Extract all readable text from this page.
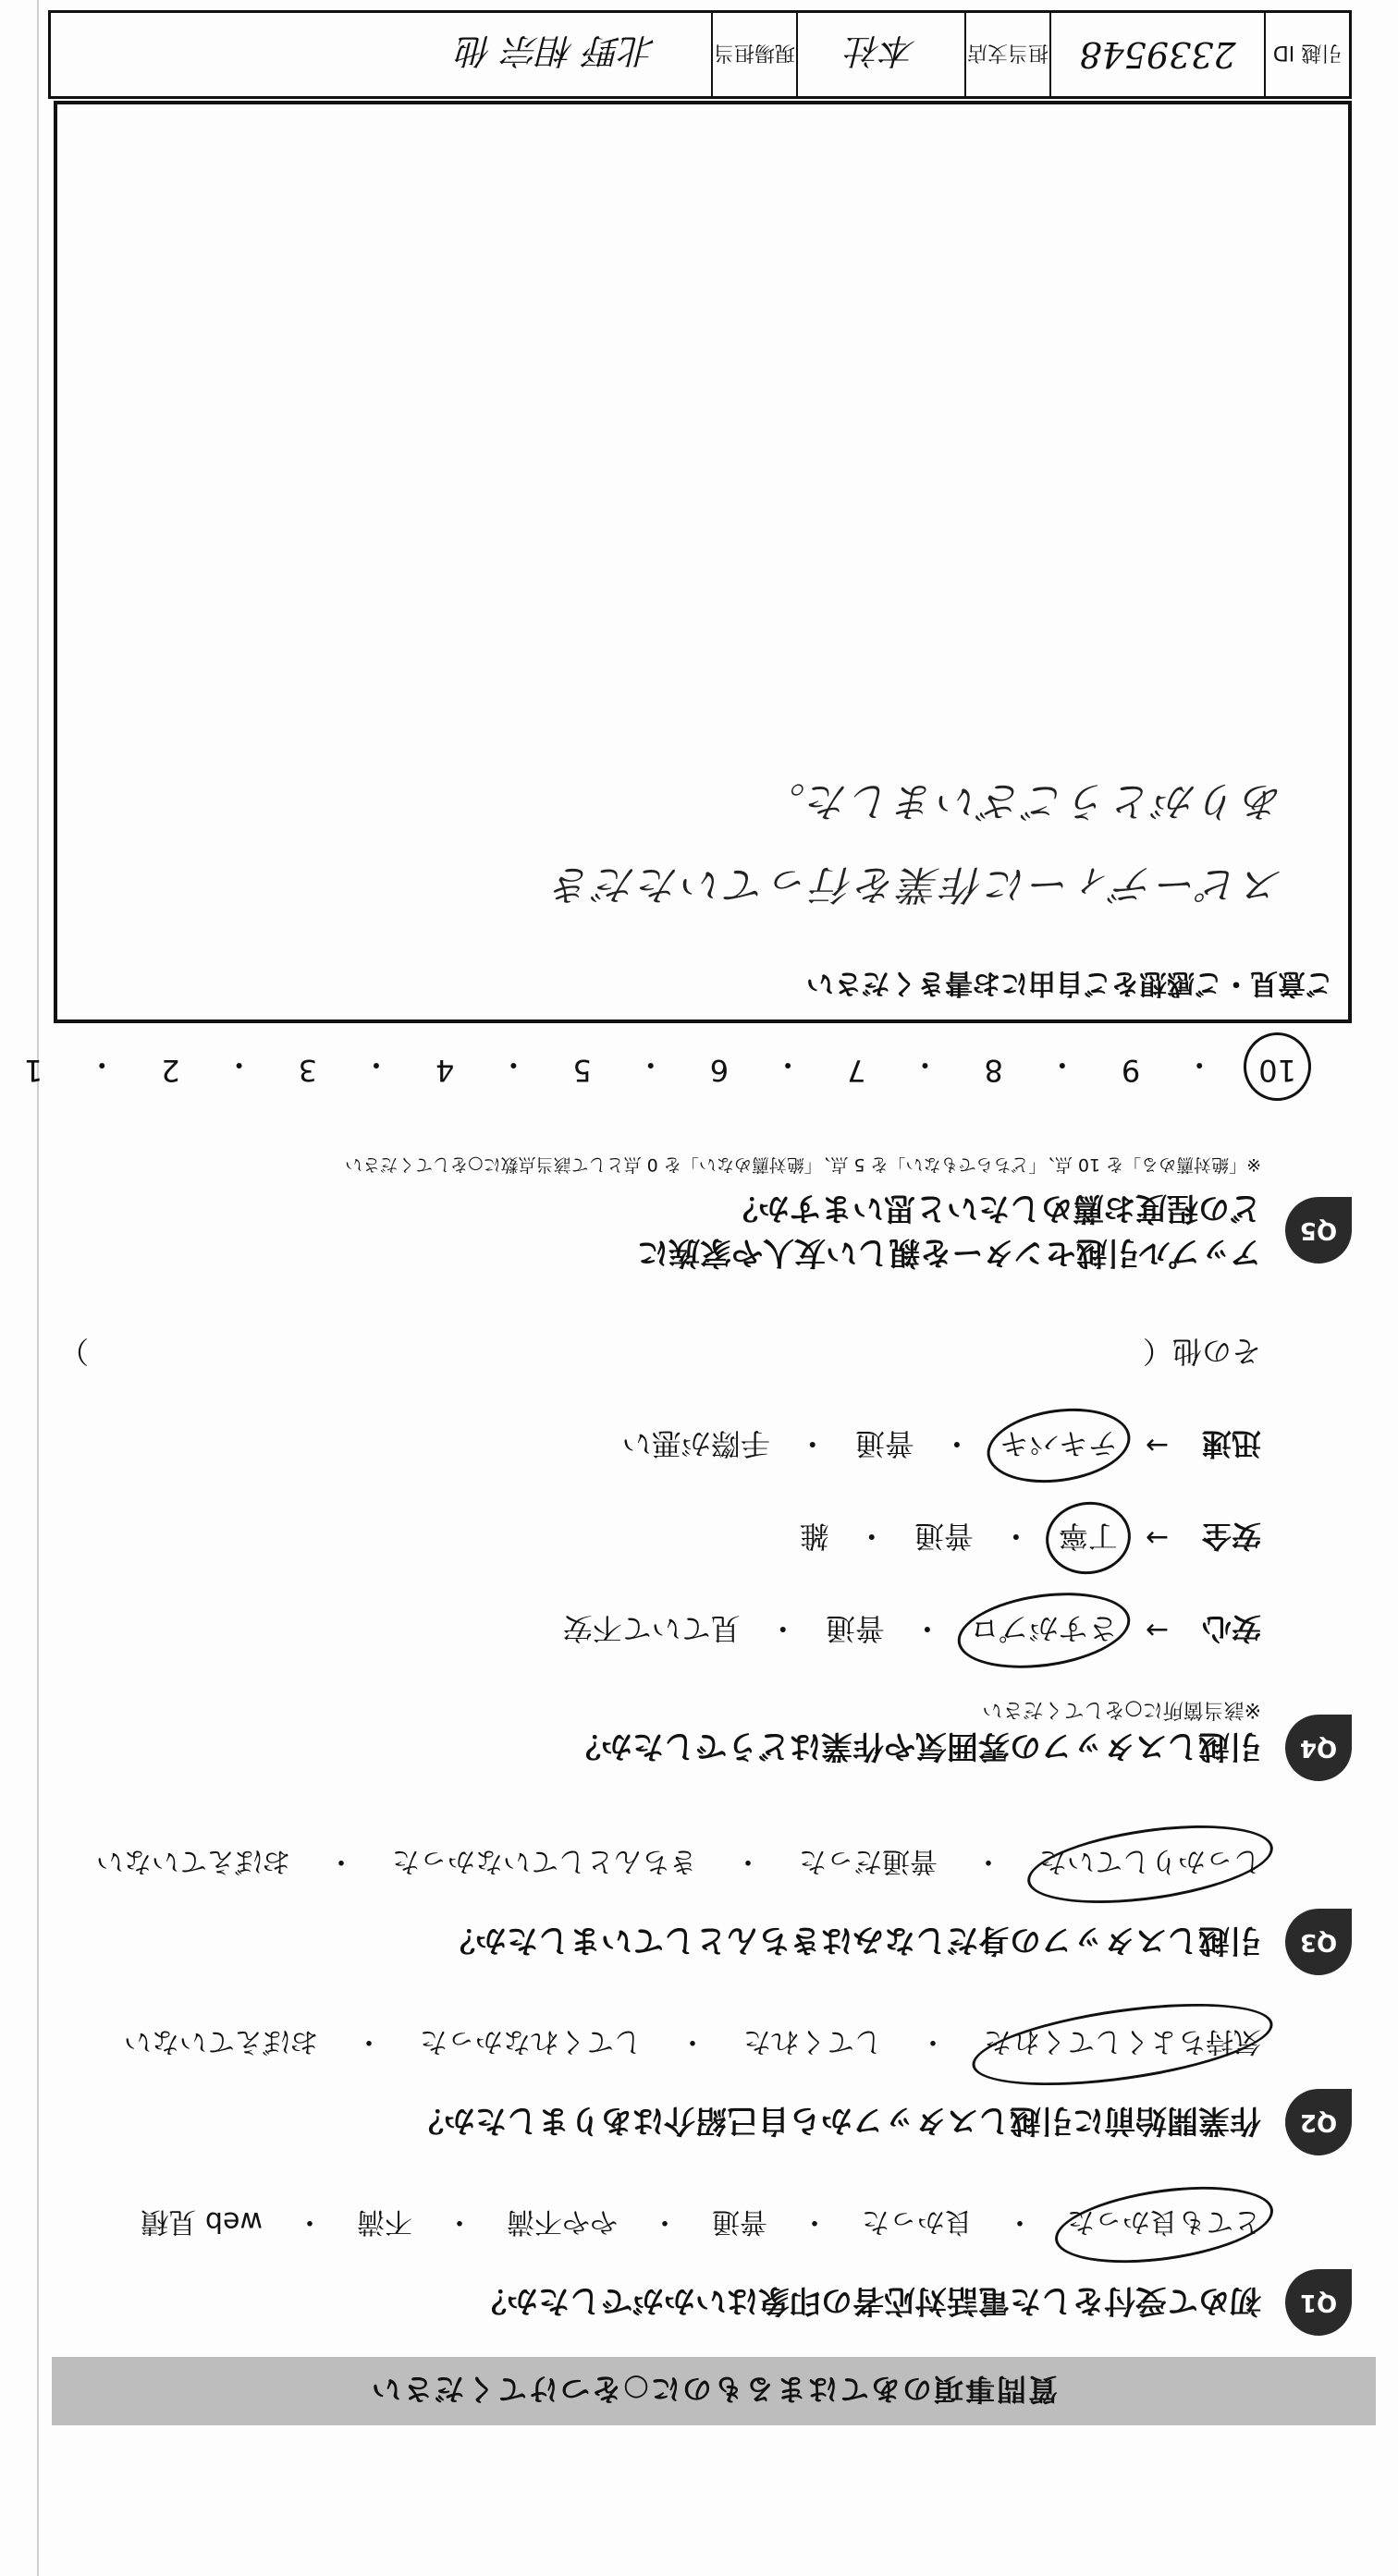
質問事項のあてはまるものに○をつけてください
Q1
初めて受付をした電話対応者の印象はいかがでしたか？
とても良かった
・
良かった
・
普通
・
やや不満
・
不満
・
web 見積
Q2
作業開始前に引越しスタッフから自己紹介はありましたか？
気持ちよくしてくれた
・
してくれた
・
してくれなかった
・
おぼえていない
Q3
引越しスタッフの身だしなみはきちんとしていましたか？
しっかりしていた
・
普通だった
・
きちんとしていなかった
・
おぼえていない
Q4
引越しスタッフの雰囲気や作業はどうでしたか？
※該当箇所に○をしてください
安心
→
さすがプロ
・
普通
・
見ていて不安
安全
→
丁寧
・
普通
・
雑
迅速
→
テキパキ
・
普通
・
手際が悪い
その他（
）
Q5
アップル引越センターを親しい友人や家族に
どの程度お薦めしたいと思いますか？
※「絶対薦める」を 10 点、「どちらでもない」を 5 点、「絶対薦めない」を 0 点として該当点数に○をしてください
10
・
9
・
8
・
7
・
6
・
5
・
4
・
3
・
2
・
1
ご意見・ご感想をご自由にお書きください
スピーディーに作業を行っていただき
ありがとうございました。
引越 ID
2339548
担当支店
本社
現場担当
北野 相宗 他
